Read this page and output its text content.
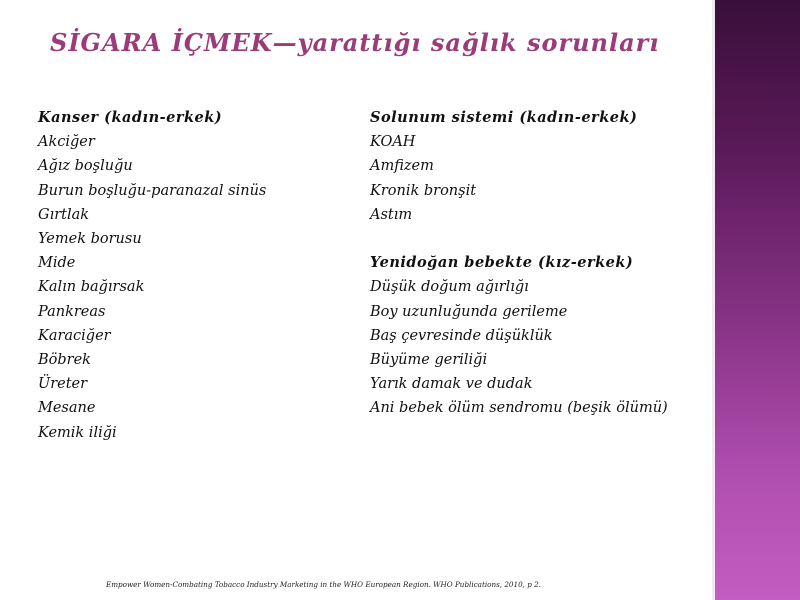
SİGARA İÇMEK—yarattığı sağlık sorunları
Kanser (kadın-erkek)
Akciğer
Ağız boşluğu
Burun boşluğu-paranazal sinüs
Gırtlak
Yemek borusu
Mide
Kalın bağırsak
Pankreas
Karaciğer
Böbrek
Üreter
Mesane
Kemik iliği
Solunum sistemi (kadın-erkek)
KOAH
Amfizem
Kronik bronşit
Astım
Yenidoğan bebekte (kız-erkek)
Düşük doğum ağırlığı
Boy uzunluğunda gerileme
Baş çevresinde düşüklük
Büyüme geriliği
Yarık damak ve dudak
Ani bebek ölüm sendromu (beşik ölümü)
Empower Women-Combating Tobacco Industry Marketing in the WHO European Region. WHO Publications, 2010, p 2.
